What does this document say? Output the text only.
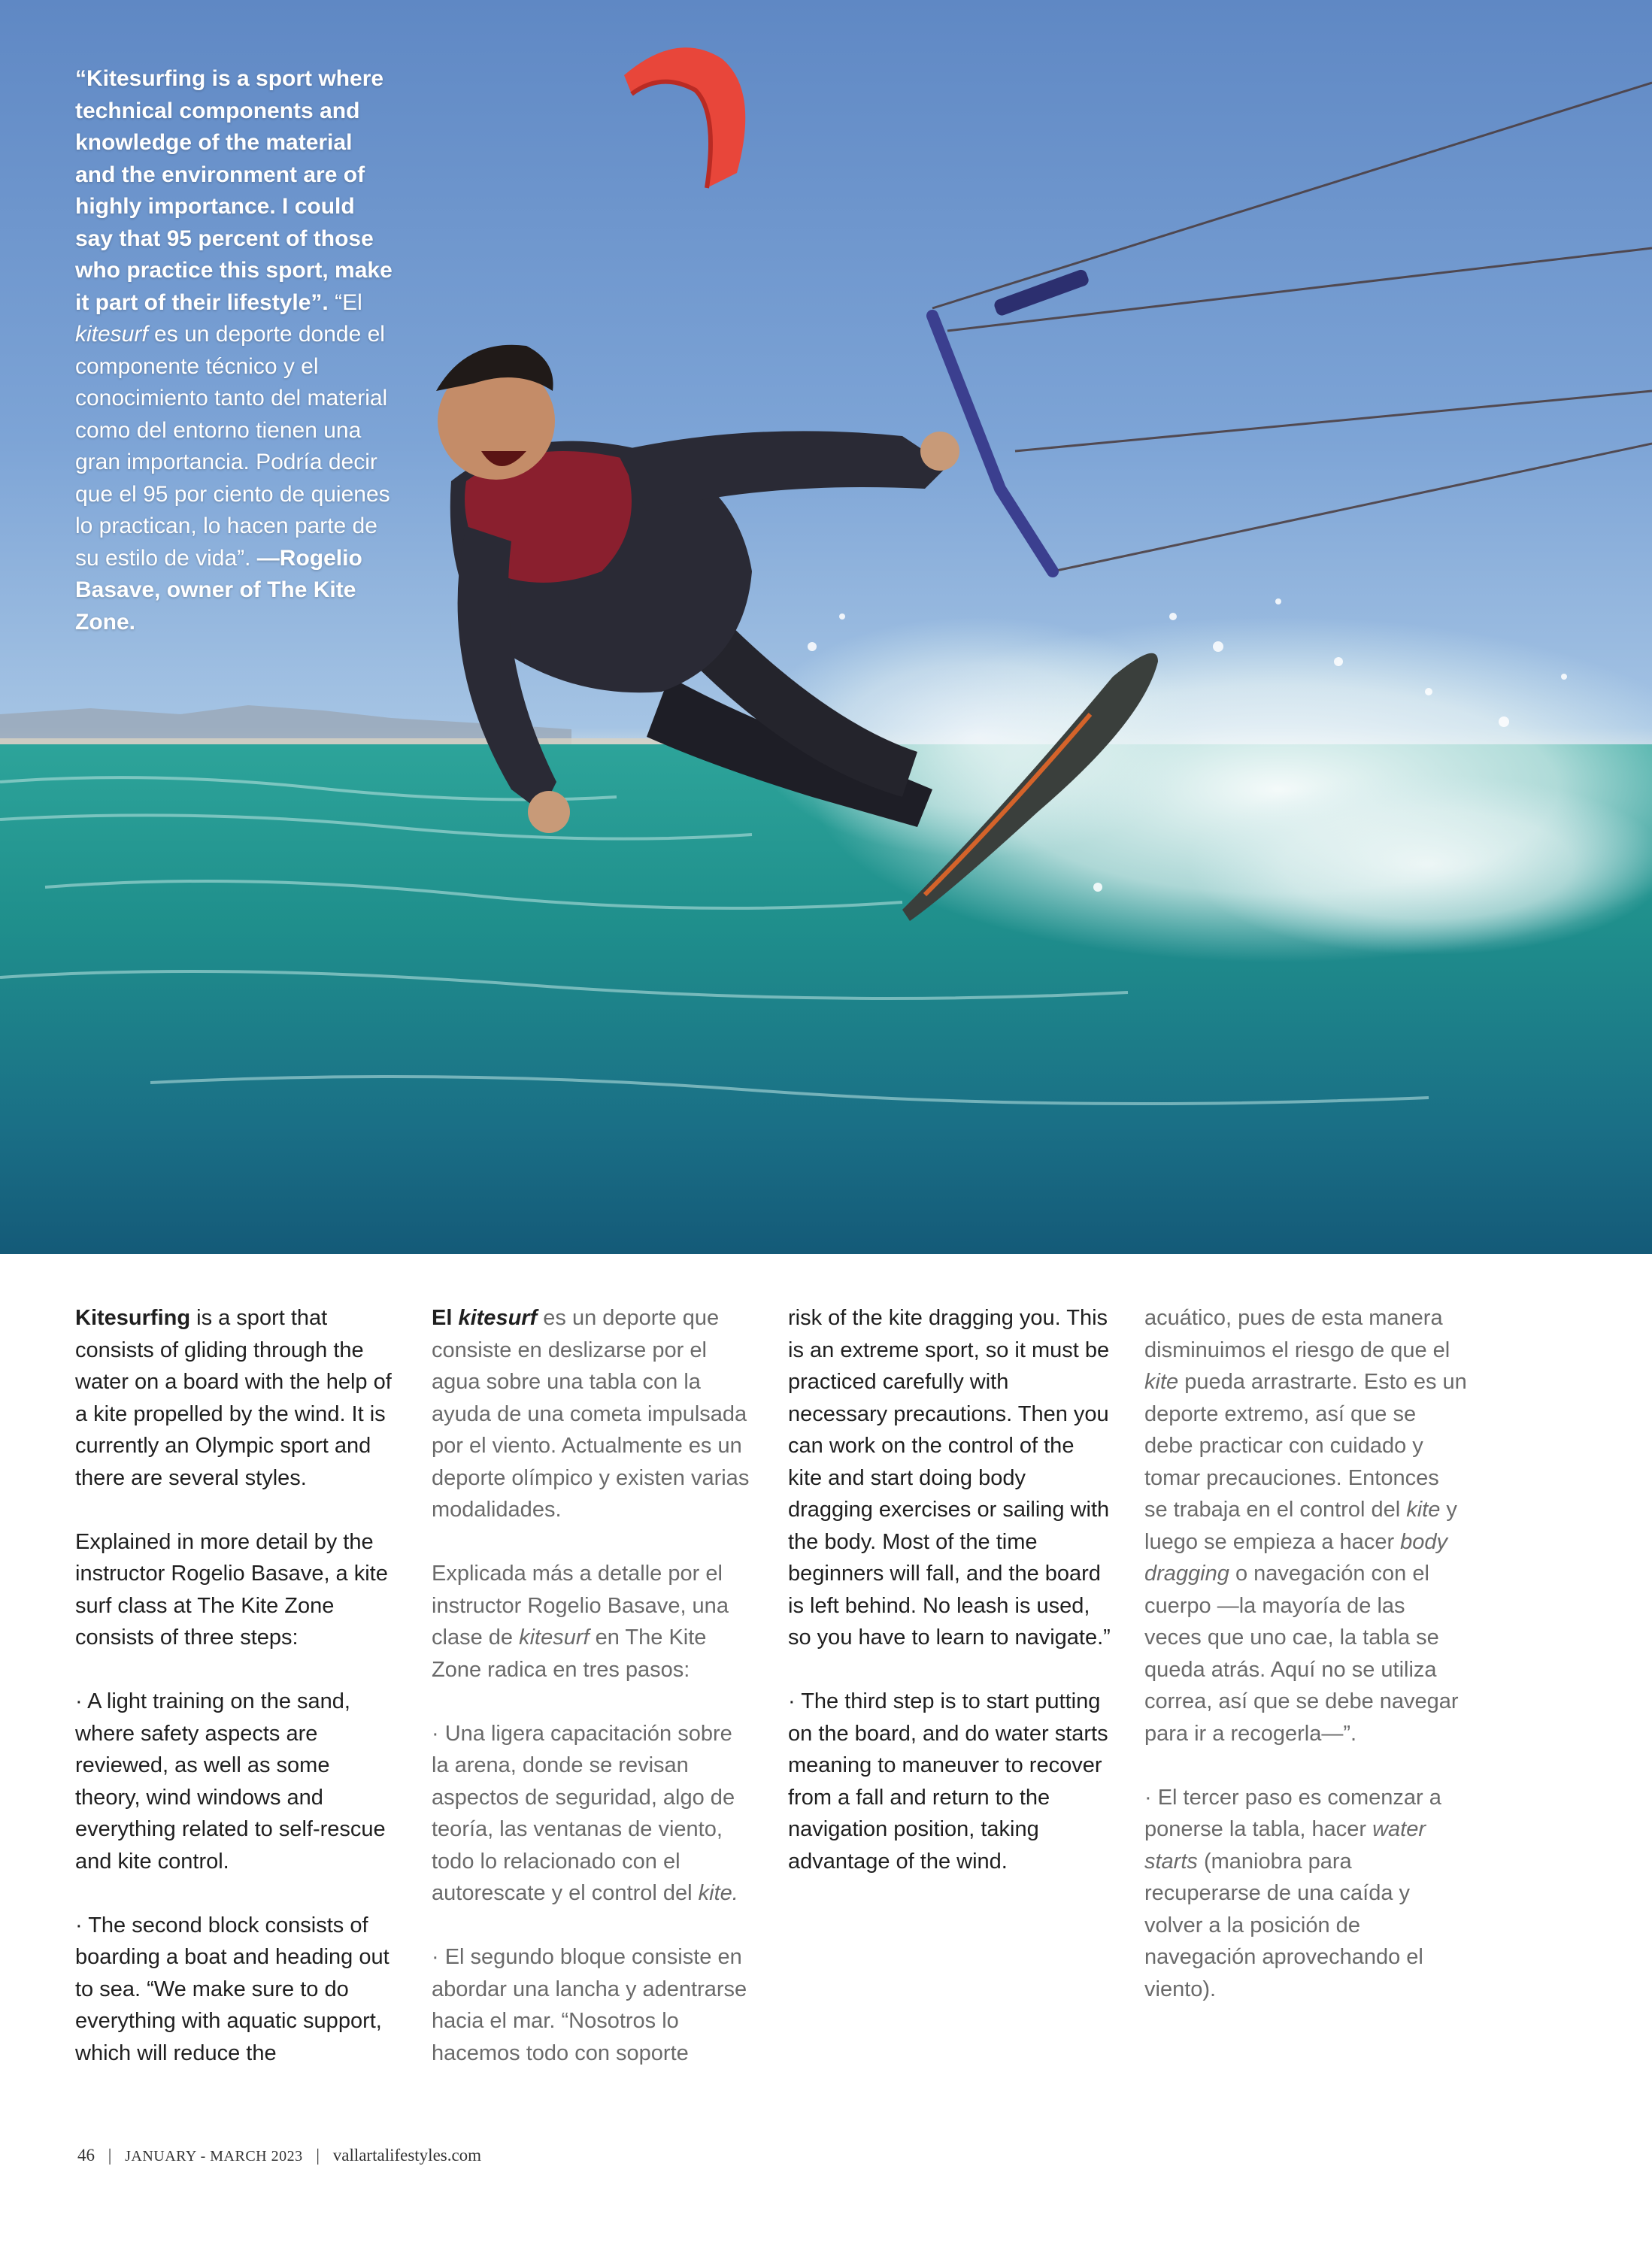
“Kitesurfing is a sport where technical components and knowledge of the material and the environment are of highly importance. I could say that 95 percent of those who practice this sport, make it part of their lifestyle”. “El kitesurf es un deporte donde el componente técnico y el conocimiento tanto del material como del entorno tienen una gran importancia. Podría decir que el 95 por ciento de quienes lo practican, lo hacen parte de su estilo de vida”. —Rogelio Basave, owner of The Kite Zone.

Kitesurfing is a sport that consists of gliding through the water on a board with the help of a kite propelled by the wind. It is currently an Olympic sport and there are several styles.

Explained in more detail by the instructor Rogelio Basave, a kite surf class at The Kite Zone consists of three steps:

· A light training on the sand, where safety aspects are reviewed, as well as some theory, wind windows and everything related to self-rescue and kite control.

· The second block consists of boarding a boat and heading out to sea. “We make sure to do everything with aquatic support, which will reduce the

El kitesurf es un deporte que consiste en deslizarse por el agua sobre una tabla con la ayuda de una cometa impulsada por el viento. Actualmente es un deporte olímpico y existen varias modalidades.

Explicada más a detalle por el instructor Rogelio Basave, una clase de kitesurf en The Kite Zone radica en tres pasos:

· Una ligera capacitación sobre la arena, donde se revisan aspectos de seguridad, algo de teoría, las ventanas de viento, todo lo relacionado con el autorescate y el control del kite.

· El segundo bloque consiste en abordar una lancha y adentrarse hacia el mar. “Nosotros lo hacemos todo con soporte

risk of the kite dragging you. This is an extreme sport, so it must be practiced carefully with necessary precautions. Then you can work on the control of the kite and start doing body dragging exercises or sailing with the body. Most of the time beginners will fall, and the board is left behind. No leash is used, so you have to learn to navigate.”

· The third step is to start putting on the board, and do water starts meaning to maneuver to recover from a fall and return to the navigation position, taking advantage of the wind.

acuático, pues de esta manera disminuimos el riesgo de que el kite pueda arrastrarte. Esto es un deporte extremo, así que se debe practicar con cuidado y tomar precauciones. Entonces se trabaja en el control del kite y luego se empieza a hacer body dragging o navegación con el cuerpo —la mayoría de las veces que uno cae, la tabla se queda atrás. Aquí no se utiliza correa, así que se debe navegar para ir a recogerla—”.

· El tercer paso es comenzar a ponerse la tabla, hacer water starts (maniobra para recuperarse de una caída y volver a la posición de navegación aprovechando el viento).

46 | JANUARY - MARCH 2023 | vallartalifestyles.com
